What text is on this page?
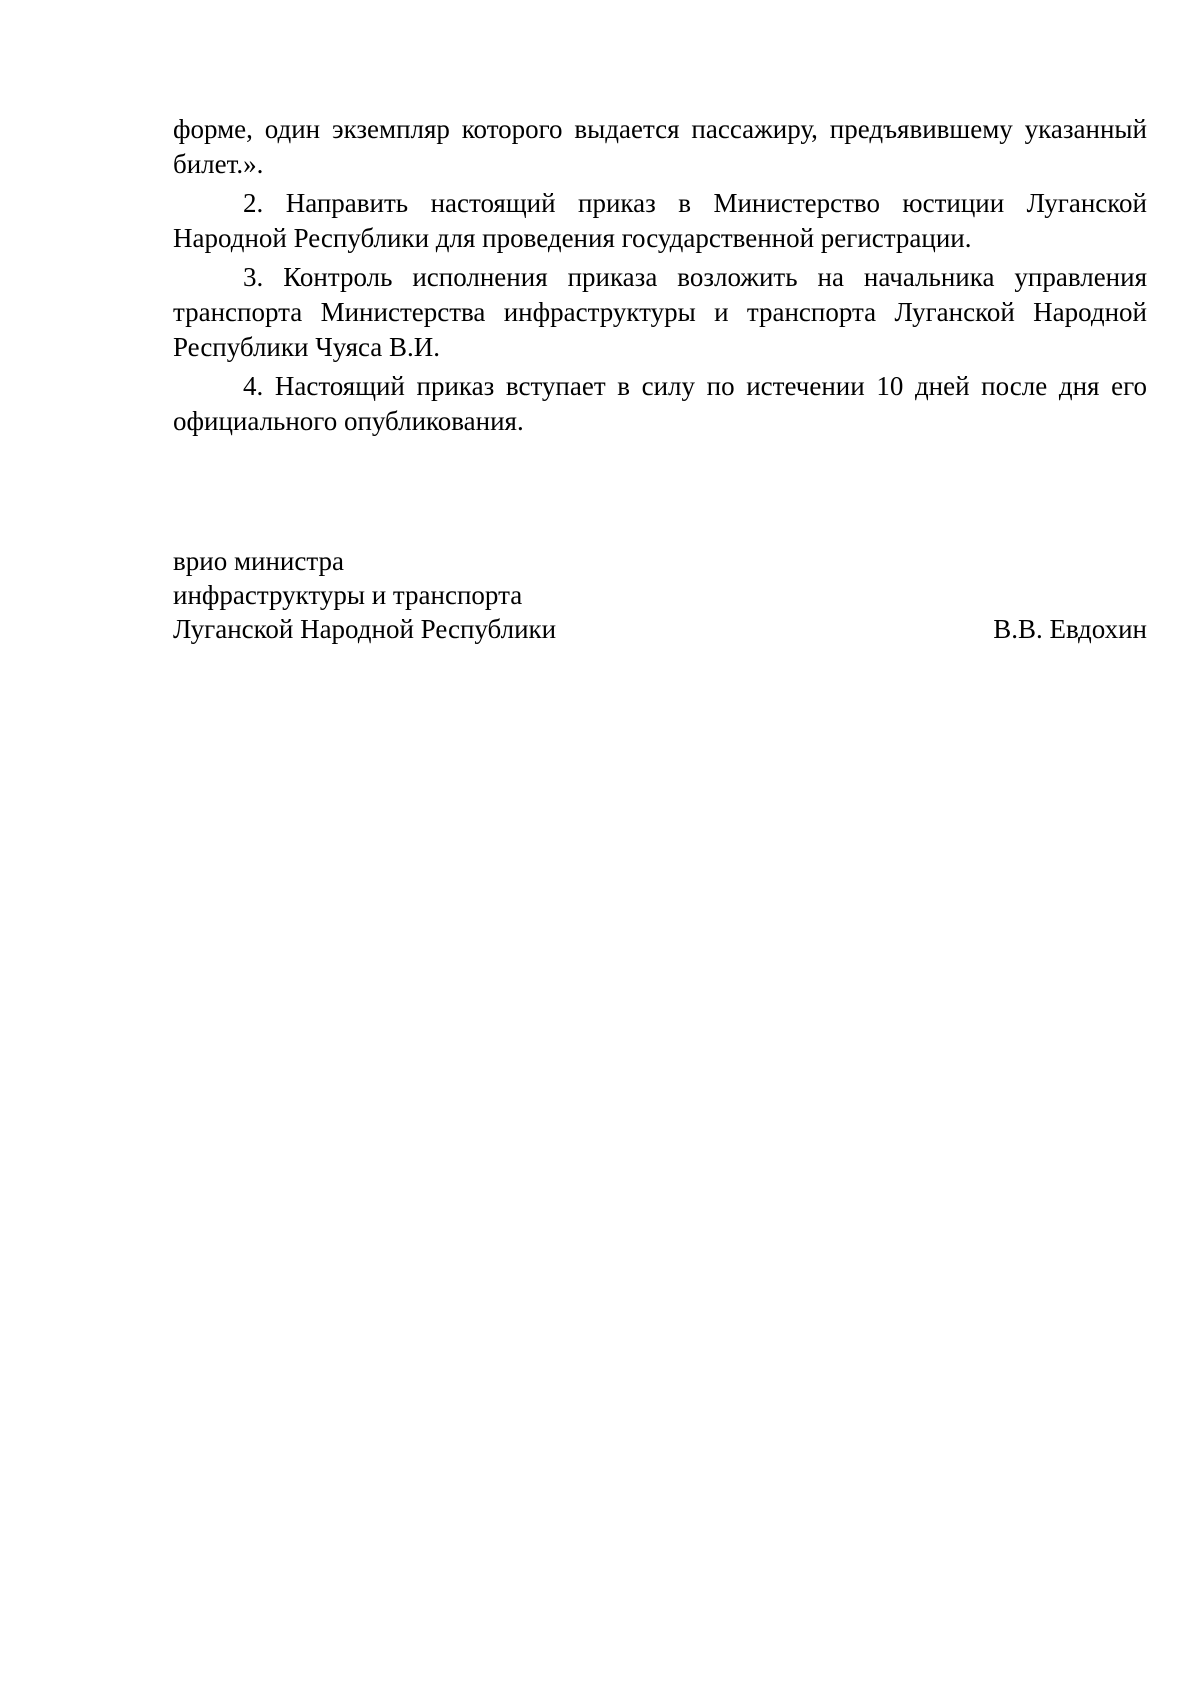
форме, один экземпляр которого выдается пассажиру, предъявившему указанный билет.».

2. Направить настоящий приказ в Министерство юстиции Луганской Народной Республики для проведения государственной регистрации.

3. Контроль исполнения приказа возложить на начальника управления транспорта Министерства инфраструктуры и транспорта Луганской Народной Республики Чуяса В.И.

4. Настоящий приказ вступает в силу по истечении 10 дней после дня его официального опубликования.

врио министра
инфраструктуры и транспорта
Луганской Народной Республики	В.В. Евдохин
